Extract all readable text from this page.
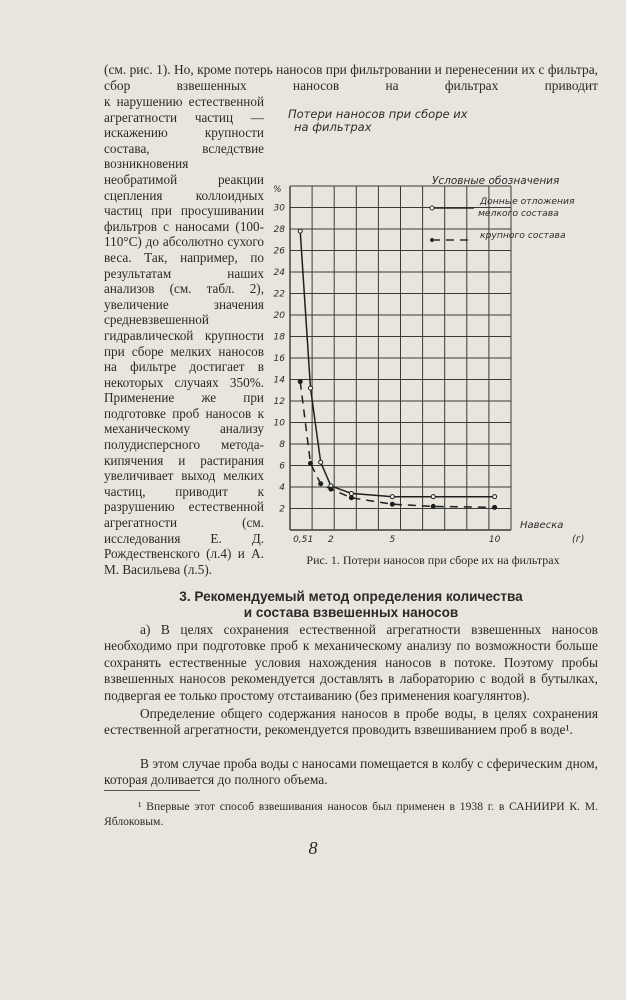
(см. рис. 1). Но, кроме потерь наносов при фильтровании и перенесении их с фильтра, сбор взвешенных наносов на фильтрах приводит

к нарушению естественной агрегатности частиц — искажению крупности состава, вследствие возникновения необратимой реакции сцепления коллоидных частиц при просушивании фильтров с наносами (100-110°С) до абсолютно сухого веса. Так, например, по результатам наших анализов (см. табл. 2), увеличение значения средневзвешенной гидравлической крупности при сборе мелких наносов на фильтре достигает в некоторых случаях 350%. Применение же при подготовке проб наносов к механическому анализу полудисперсного метода-кипячения и растирания увеличивает выход мелких частиц, приводит к разрушению естественной агрегатности (см. исследования Е. Д. Рождественского (л.4) и А. М. Васильева (л.5).

Потери наносов при сборе их
на фильтрах
%
2
4
6
8
10
12
14
16
18
20
22
24
26
28
30
0,5 1 2	5	10
Навеска
(г)
Условные обозначения
Донные отложения
мелкого состава
крупного состава

Рис. 1. Потери наносов при сборе их на фильтрах

3. Рекомендуемый метод определения количества
и состава взвешенных наносов

а) В целях сохранения естественной агрегатности взвешенных наносов необходимо при подготовке проб к механическому анализу по возможности больше сохранять естественные условия нахождения наносов в потоке. Поэтому пробы взвешенных наносов рекомендуется доставлять в лабораторию с водой в бутылках, подвергая ее только простому отстаиванию (без применения коагулянтов).

Определение общего содержания наносов в пробе воды, в целях сохранения естественной агрегатности, рекомендуется проводить взвешиванием проб в воде¹.

В этом случае проба воды с наносами помещается в колбу с сферическим дном, которая доливается до полного объема.

¹ Впервые этот способ взвешивания наносов был применен в 1938 г. в САНИИРИ К. М. Яблоковым.

8
